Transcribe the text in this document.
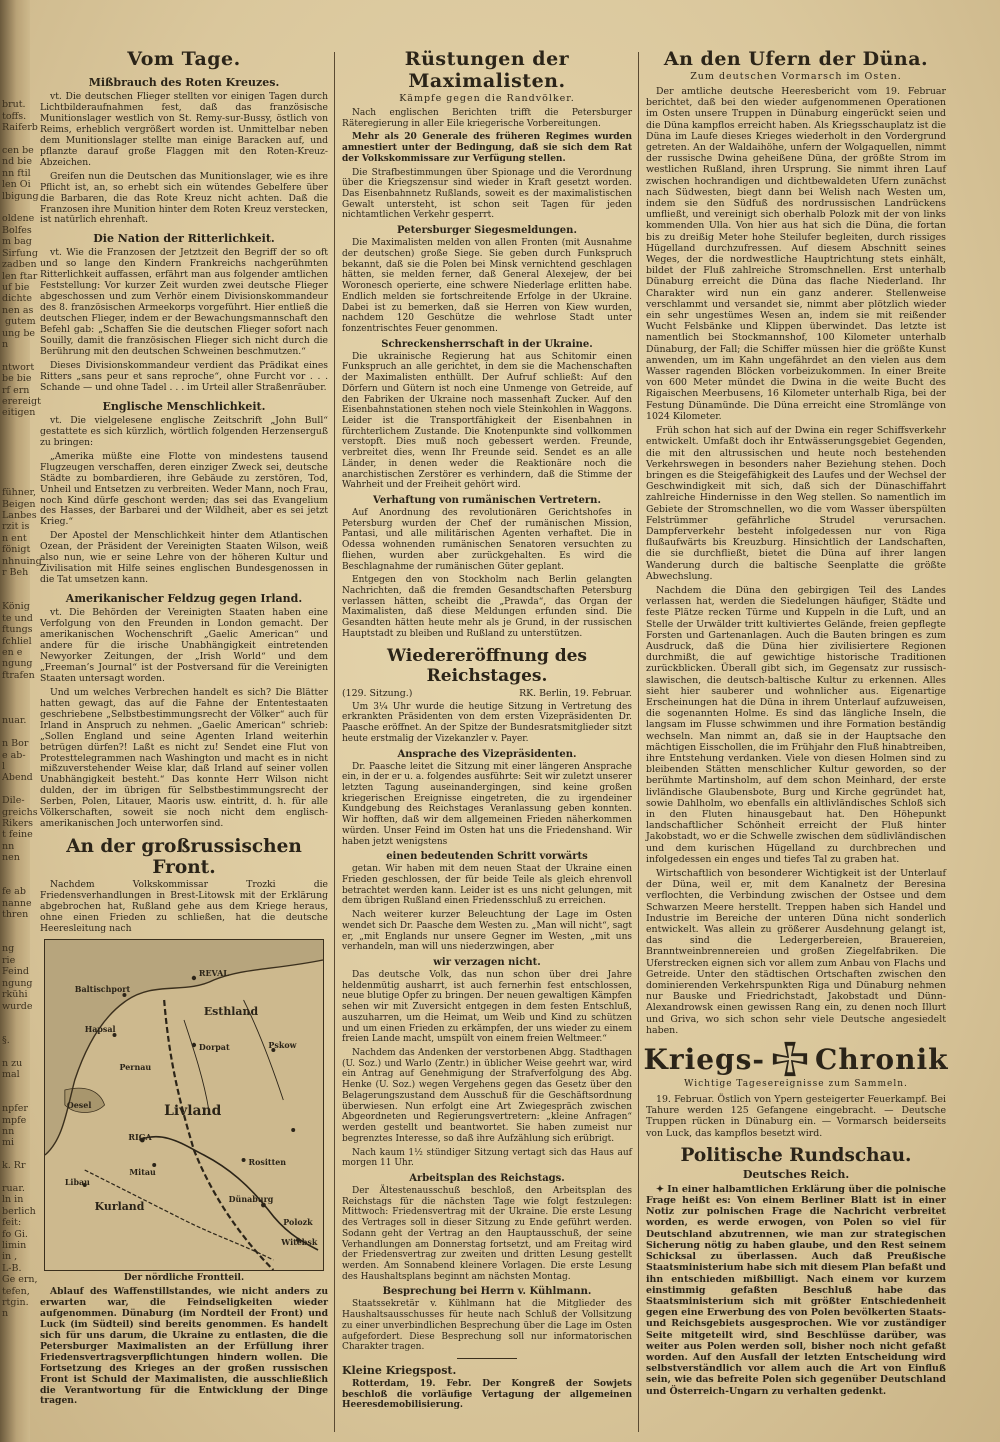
brut.
toffs.
Raiferb

cen be
nd bie
nn ftil
len Oi
lbigung

oldene
Bolfes
m bag
Sirfung
zadben
len ftar
uf bie
dichte
nen as
gutem
ung be
n

ntwort
be bie
rf ern
erereigt
eitigen

fühner,
Beigen
Lanbes
rzit is
n ent
fönigt
nhnuing
r Beh

König
te und
ftungs
fchliel
en e
ngung
ftrafen

nuar.

n Bor
e ab-
l
Abend

Dile-
greichs
Rikers
t feine
nn
nen

fe ab
nanne
thren

ng
rie
Feind
ngung
rkühi
wurde

§.

n zu
mal

npfer
mpfe
nn
mi

k. Rr

ruar.
ln in
berlich
feit:
fo Gi.
limin
in ,
L-B.
Ge ern,
tefen,
rtgin.
n
Vom Tage.
Mißbrauch des Roten Kreuzes.

vt. Die deutschen Flieger stellten vor einigen Tagen durch Lichtbilderaufnahmen fest, daß das französische Munitionslager westlich von St. Remy-sur-Bussy, östlich von Reims, erheblich vergrößert worden ist. Unmittelbar neben dem Munitionslager stellte man einige Baracken auf, und pflanzte darauf große Flaggen mit den Roten-Kreuz-Abzeichen.

Greifen nun die Deutschen das Munitionslager, wie es ihre Pflicht ist, an, so erhebt sich ein wütendes Gebelfere über die Barbaren, die das Rote Kreuz nicht achten. Daß die Franzosen ihre Munition hinter dem Roten Kreuz verstecken, ist natürlich ehrenhaft.

Die Nation der Ritterlichkeit.

vt. Wie die Franzosen der Jetztzeit den Begriff der so oft und so lange den Kindern Frankreichs nachgerühmten Ritterlichkeit auffassen, erfährt man aus folgender amtlichen Feststellung: Vor kurzer Zeit wurden zwei deutsche Flieger abgeschossen und zum Verhör einem Divisionskommandeur des 8. französischen Armeekorps vorgeführt. Hier entließ die deutschen Flieger, indem er der Bewachungsmannschaft den Befehl gab: „Schaffen Sie die deutschen Flieger sofort nach Souilly, damit die französischen Flieger sich nicht durch die Berührung mit den deutschen Schweinen beschmutzen.“

Dieses Divisionskommandeur verdient das Prädikat eines Ritters „sans peur et sans reproche“, ohne Furcht vor . . . Schande — und ohne Tadel . . . im Urteil aller Straßenräuber.

Englische Menschlichkeit.

vt. Die vielgelesene englische Zeitschrift „John Bull“ gestattete es sich kürzlich, wörtlich folgenden Herzenserguß zu bringen:

„Amerika müßte eine Flotte von mindestens tausend Flugzeugen verschaffen, deren einziger Zweck sei, deutsche Städte zu bombardieren, ihre Gebäude zu zerstören, Tod, Unheil und Entsetzen zu verbreiten. Weder Mann, noch Frau, noch Kind dürfe geschont werden; das sei das Evangelium des Hasses, der Barbarei und der Wildheit, aber es sei jetzt Krieg.“

Der Apostel der Menschlichkeit hinter dem Atlantischen Ozean, der Präsident der Vereinigten Staaten Wilson, weiß also nun, wie er seine Lehre von der höheren Kultur und Zivilisation mit Hilfe seines englischen Bundesgenossen in die Tat umsetzen kann.

Amerikanischer Feldzug gegen Irland.

vt. Die Behörden der Vereinigten Staaten haben eine Verfolgung von den Freunden in London gemacht. Der amerikanischen Wochenschrift „Gaelic American“ und andere für die irische Unabhängigkeit eintretenden Newyorker Zeitungen, der „Irish World“ und dem „Freeman’s Journal“ ist der Postversand für die Vereinigten Staaten untersagt worden.

Und um welches Verbrechen handelt es sich? Die Blätter hatten gewagt, das auf die Fahne der Ententestaaten geschriebene „Selbstbestimmungsrecht der Völker“ auch für Irland in Anspruch zu nehmen. „Gaelic American“ schrieb: „Sollen England und seine Agenten Irland weiterhin betrügen dürfen?! Laßt es nicht zu! Sendet eine Flut von Protesttelegrammen nach Washington und macht es in nicht mißzuverstehender Weise klar, daß Irland auf seiner vollen Unabhängigkeit besteht.“ Das konnte Herr Wilson nicht dulden, der im übrigen für Selbstbestimmungsrecht der Serben, Polen, Litauer, Maoris usw. eintritt, d. h. für alle Völkerschaften, soweit sie noch nicht dem englisch-amerikanischen Joch unterworfen sind.

An der großrussischen Front.

Nachdem Volkskommissar Trozki die Friedensverhandlungen in Brest-Litowsk mit der Erklärung abgebrochen hat, Rußland gehe aus dem Kriege heraus, ohne einen Frieden zu schließen, hat die deutsche Heeresleitung nach

REVAL
Baltischport
Hapsal
Esthland
Pernau
Dorpat
Oesel	Livland
RIGA
Mitau
Kurland
Libau
Rositten
Dünaburg
Witebsk
Polozk
Pskow
Der nördliche Frontteil.

Ablauf des Waffenstillstandes, wie nicht anders zu erwarten war, die Feindseligkeiten wieder aufgenommen. Dünaburg (im Nordteil der Front) und Luck (im Südteil) sind bereits genommen. Es handelt sich für uns darum, die Ukraine zu entlasten, die die Petersburger Maximalisten an der Erfüllung ihrer Friedensvertragsverpflichtungen hindern wollen. Die Fortsetzung des Krieges an der großen russischen Front ist Schuld der Maximalisten, die ausschließlich die Verantwortung für die Entwicklung der Dinge tragen.

Rüstungen der Maximalisten.
Kämpfe gegen die Randvölker.

Nach englischen Berichten trifft die Petersburger Räteregierung in aller Eile kriegerische Vorbereitungen.

Mehr als 20 Generale des früheren Regimes wurden amnestiert unter der Bedingung, daß sie sich dem Rat der Volkskommissare zur Verfügung stellen.

Die Strafbestimmungen über Spionage und die Verordnung über die Kriegszensur sind wieder in Kraft gesetzt worden. Das Eisenbahnnetz Rußlands, soweit es der maximalistischen Gewalt untersteht, ist schon seit Tagen für jeden nichtamtlichen Verkehr gesperrt.

Petersburger Siegesmeldungen.

Die Maximalisten melden von allen Fronten (mit Ausnahme der deutschen) große Siege. Sie geben durch Funkspruch bekannt, daß sie die Polen bei Minsk vernichtend geschlagen hätten, sie melden ferner, daß General Alexejew, der bei Woronesch operierte, eine schwere Niederlage erlitten habe. Endlich melden sie fortschreitende Erfolge in der Ukraine. Dabei ist zu bemerken, daß sie Herren von Kiew wurden, nachdem 120 Geschütze die wehrlose Stadt unter fonzentrischtes Feuer genommen.

Schreckensherrschaft in der Ukraine.

Die ukrainische Regierung hat aus Schitomir einen Funkspruch an alle gerichtet, in dem sie die Machenschaften der Maximalisten enthüllt. Der Aufruf schließt: Auf den Dörfern und Gütern ist noch eine Unmenge von Getreide, auf den Fabriken der Ukraine noch massenhaft Zucker. Auf den Eisenbahnstationen stehen noch viele Steinkohlen in Waggons. Leider ist die Transportfähigkeit der Eisenbahnen in fürchterlichem Zustande. Die Knotenpunkte sind vollkommen verstopft. Dies muß noch gebessert werden. Freunde, verbreitet dies, wenn Ihr Freunde seid. Sendet es an alle Länder, in denen weder die Reaktionäre noch die anarchistischen Zerstörer es verhindern, daß die Stimme der Wahrheit und der Freiheit gehört wird.

Verhaftung von rumänischen Vertretern.

Auf Anordnung des revolutionären Gerichtshofes in Petersburg wurden der Chef der rumänischen Mission, Pantasi, und alle militärischen Agenten verhaftet. Die in Odessa wohnenden rumänischen Senatoren versuchten zu fliehen, wurden aber zurückgehalten. Es wird die Beschlagnahme der rumänischen Güter geplant.

Entgegen den von Stockholm nach Berlin gelangten Nachrichten, daß die fremden Gesandtschaften Petersburg verlassen hätten, scheibt die „Prawda“, das Organ der Maximalisten, daß diese Meldungen erfunden sind. Die Gesandten hätten heute mehr als je Grund, in der russischen Hauptstadt zu bleiben und Rußland zu unterstützen.

Wiedereröffnung des Reichstages.
(129. Sitzung.)	RK. Berlin, 19. Februar.

Um 3¼ Uhr wurde die heutige Sitzung in Vertretung des erkrankten Präsidenten von dem ersten Vizepräsidenten Dr. Paasche eröffnet. An der Spitze der Bundesratsmitglieder sitzt heute erstmalig der Vizekanzler v. Payer.

Ansprache des Vizepräsidenten.

Dr. Paasche leitet die Sitzung mit einer längeren Ansprache ein, in der er u. a. folgendes ausführte: Seit wir zuletzt unserer letzten Tagung auseinandergingen, sind keine großen kriegerischen Ereignisse eingetreten, die zu irgendeiner Kundgebung des Reichstages Veranlassung geben konnten. Wir hofften, daß wir dem allgemeinen Frieden näherkommen würden. Unser Feind im Osten hat uns die Friedenshand. Wir haben jetzt wenigstens

einen bedeutenden Schritt vorwärts

getan. Wir haben mit dem neuen Staat der Ukraine einen Frieden geschlossen, der für beide Teile als gleich ehrenvoll betrachtet werden kann. Leider ist es uns nicht gelungen, mit dem übrigen Rußland einen Friedensschluß zu erreichen.

Nach weiterer kurzer Beleuchtung der Lage im Osten wendet sich Dr. Paasche dem Westen zu. „Man will nicht“, sagt er, „mit Englands nur unsere Gegner im Westen, „mit uns verhandeln, man will uns niederzwingen, aber

wir verzagen nicht.

Das deutsche Volk, das nun schon über drei Jahre heldenmütig ausharrt, ist auch fernerhin fest entschlossen, neue blutige Opfer zu bringen. Der neuen gewaltigen Kämpfen sehen wir mit Zuversicht entgegen in dem festen Entschluß, auszuharren, um die Heimat, um Weib und Kind zu schützen und um einen Frieden zu erkämpfen, der uns wieder zu einem freien Lande macht, umspült von einem freien Weltmeer.“

Nachdem das Andenken der verstorbenen Abgg. Stadthagen (U. Soz.) und Warlo (Zentr.) in üblicher Weise geehrt war, wird ein Antrag auf Genehmigung der Strafverfolgung des Abg. Henke (U. Soz.) wegen Vergehens gegen das Gesetz über den Belagerungszustand dem Ausschuß für die Geschäftsordnung überwiesen. Nun erfolgt eine Art Zwiegespräch zwischen Abgeordneten und Regierungsvertretern: „kleine Anfragen“ werden gestellt und beantwortet. Sie haben zumeist nur begrenztes Interesse, so daß ihre Aufzählung sich erübrigt.

Nach kaum 1½ stündiger Sitzung vertagt sich das Haus auf morgen 11 Uhr.

Arbeitsplan des Reichstags.

Der Ältestenausschuß beschloß, den Arbeitsplan des Reichstags für die nächsten Tage wie folgt festzulegen: Mittwoch: Friedensvertrag mit der Ukraine. Die erste Lesung des Vertrages soll in dieser Sitzung zu Ende geführt werden. Sodann geht der Vertrag an den Hauptausschuß, der seine Verhandlungen am Donnerstag fortsetzt, und am Freitag wird der Friedensvertrag zur zweiten und dritten Lesung gestellt werden. Am Sonnabend kleinere Vorlagen. Die erste Lesung des Haushaltsplans beginnt am nächsten Montag.

Besprechung bei Herrn v. Kühlmann.

Staatssekretär v. Kühlmann hat die Mitglieder des Haushaltsausschusses für heute nach Schluß der Vollsitzung zu einer unverbindlichen Besprechung über die Lage im Osten aufgefordert. Diese Besprechung soll nur informatorischen Charakter tragen.

Kleine Kriegspost.

Rotterdam, 19. Febr. Der Kongreß der Sowjets beschloß die vorläufige Vertagung der allgemeinen Heeresdemobilisierung.

An den Ufern der Düna.
Zum deutschen Vormarsch im Osten.

Der amtliche deutsche Heeresbericht vom 19. Februar berichtet, daß bei den wieder aufgenommenen Operationen im Osten unsere Truppen in Dünaburg eingerückt seien und die Düna kampflos erreicht haben. Als Kriegsschauplatz ist die Düna im Laufe dieses Krieges wiederholt in den Vordergrund getreten. An der Waldaihöhe, unfern der Wolgaquellen, nimmt der russische Dwina geheißene Düna, der größte Strom im westlichen Rußland, ihren Ursprung. Sie nimmt ihren Lauf zwischen hochrandigen und dichtbewaldeten Ufern zunächst nach Südwesten, biegt dann bei Welish nach Westen um, indem sie den Südfuß des nordrussischen Landrückens umfließt, und vereinigt sich oberhalb Polozk mit der von links kommenden Ulla. Von hier aus hat sich die Düna, die fortan bis zu dreißig Meter hohe Steilufer begleiten, durch rissiges Hügelland durchzufressen. Auf diesem Abschnitt seines Weges, der die nordwestliche Hauptrichtung stets einhält, bildet der Fluß zahlreiche Stromschnellen. Erst unterhalb Dünaburg erreicht die Düna das flache Niederland. Ihr Charakter wird nun ein ganz anderer. Stellenweise verschlammt und versandet sie, nimmt aber plötzlich wieder ein sehr ungestümes Wesen an, indem sie mit reißender Wucht Felsbänke und Klippen überwindet. Das letzte ist namentlich bei Stockmannshof, 100 Kilometer unterhalb Dünaburg, der Fall; die Schiffer müssen hier die größte Kunst anwenden, um im Kahn ungefährdet an den vielen aus dem Wasser ragenden Blöcken vorbeizukommen. In einer Breite von 600 Meter mündet die Dwina in die weite Bucht des Rigaischen Meerbusens, 16 Kilometer unterhalb Riga, bei der Festung Dünamünde. Die Düna erreicht eine Stromlänge von 1024 Kilometer.

Früh schon hat sich auf der Dwina ein reger Schiffsverkehr entwickelt. Umfaßt doch ihr Entwässerungsgebiet Gegenden, die mit den altrussischen und heute noch bestehenden Verkehrswegen in besonders naher Beziehung stehen. Doch bringen es die Steigefähigkeit des Laufes und der Wechsel der Geschwindigkeit mit sich, daß sich der Dünaschiffahrt zahlreiche Hindernisse in den Weg stellen. So namentlich im Gebiete der Stromschnellen, wo die vom Wasser überspülten Felstrümmer gefährliche Strudel verursachen. Dampferverkehr besteht infolgedessen nur von Riga flußaufwärts bis Kreuzburg. Hinsichtlich der Landschaften, die sie durchfließt, bietet die Düna auf ihrer langen Wanderung durch die baltische Seenplatte die größte Abwechslung.

Nachdem die Düna den gebirgigen Teil des Landes verlassen hat, werden die Siedelungen häufiger, Städte und feste Plätze recken Türme und Kuppeln in die Luft, und an Stelle der Urwälder tritt kultiviertes Gelände, freien gepflegte Forsten und Gartenanlagen. Auch die Bauten bringen es zum Ausdruck, daß die Düna hier zivilisiertere Regionen durchmißt, die auf gewichtige historische Traditionen zurückblicken. Überall gibt sich, im Gegensatz zur russisch-slawischen, die deutsch-baltische Kultur zu erkennen. Alles sieht hier sauberer und wohnlicher aus. Eigenartige Erscheinungen hat die Düna in ihrem Unterlauf aufzuweisen, die sogenannten Holme. Es sind das längliche Inseln, die langsam im Flusse schwimmen und ihre Formation beständig wechseln. Man nimmt an, daß sie in der Hauptsache den mächtigen Eisschollen, die im Frühjahr den Fluß hinabtreiben, ihre Entstehung verdanken. Viele von diesen Holmen sind zu bleibenden Stätten menschlicher Kultur geworden, so der berühmte Martinsholm, auf dem schon Meinhard, der erste livländische Glaubensbote, Burg und Kirche gegründet hat, sowie Dahlholm, wo ebenfalls ein altlivländisches Schloß sich in den Fluten hinausgebaut hat. Den Höhepunkt landschaftlicher Schönheit erreicht der Fluß hinter Jakobstadt, wo er die Schwelle zwischen dem südlivländischen und dem kurischen Hügelland zu durchbrechen und infolgedessen ein enges und tiefes Tal zu graben hat.

Wirtschaftlich von besonderer Wichtigkeit ist der Unterlauf der Düna, weil er, mit dem Kanalnetz der Beresina verflochten, die Verbindung zwischen der Ostsee und dem Schwarzen Meere herstellt. Treppen haben sich Handel und Industrie im Bereiche der unteren Düna nicht sonderlich entwickelt. Was allein zu größerer Ausdehnung gelangt ist, das sind die Ledergerbereien, Brauereien, Branntweinbrennereien und großen Ziegelfabriken. Die Uferstrecken eignen sich vor allem zum Anbau von Flachs und Getreide. Unter den städtischen Ortschaften zwischen den dominierenden Verkehrspunkten Riga und Dünaburg nehmen nur Bauske und Friedrichstadt, Jakobstadt und Dünn-Alexandrowsk einen gewissen Rang ein, zu denen noch Illurt und Griva, wo sich schon sehr viele Deutsche angesiedelt haben.

Kriegs- Chronik
Wichtige Tagesereignisse zum Sammeln.

19. Februar. Östlich von Ypern gesteigerter Feuerkampf. Bei Tahure werden 125 Gefangene eingebracht. — Deutsche Truppen rücken in Dünaburg ein. — Vormarsch beiderseits von Luck, das kampflos besetzt wird.

Politische Rundschau.
Deutsches Reich.

✦ In einer halbamtlichen Erklärung über die polnische Frage heißt es: Von einem Berliner Blatt ist in einer Notiz zur polnischen Frage die Nachricht verbreitet worden, es werde erwogen, von Polen so viel für Deutschland abzutrennen, wie man zur strategischen Sicherung nötig zu haben glaube, und den Rest seinem Schicksal zu überlassen. Auch daß Preußische Staatsministerium habe sich mit diesem Plan befaßt und ihn entschieden mißbilligt. Nach einem vor kurzem einstimmig gefaßten Beschluß habe das Staatsministerium sich mit größter Entschiedenheit gegen eine Erwerbung des von Polen bevölkerten Staats- und Reichsgebiets ausgesprochen. Wie vor zuständiger Seite mitgeteilt wird, sind Beschlüsse darüber, was weiter aus Polen werden soll, bisher noch nicht gefaßt worden. Auf den Ausfall der letzten Entscheidung wird selbstverständlich vor allem auch die Art von Einfluß sein, wie das befreite Polen sich gegenüber Deutschland und Österreich-Ungarn zu verhalten gedenkt.
